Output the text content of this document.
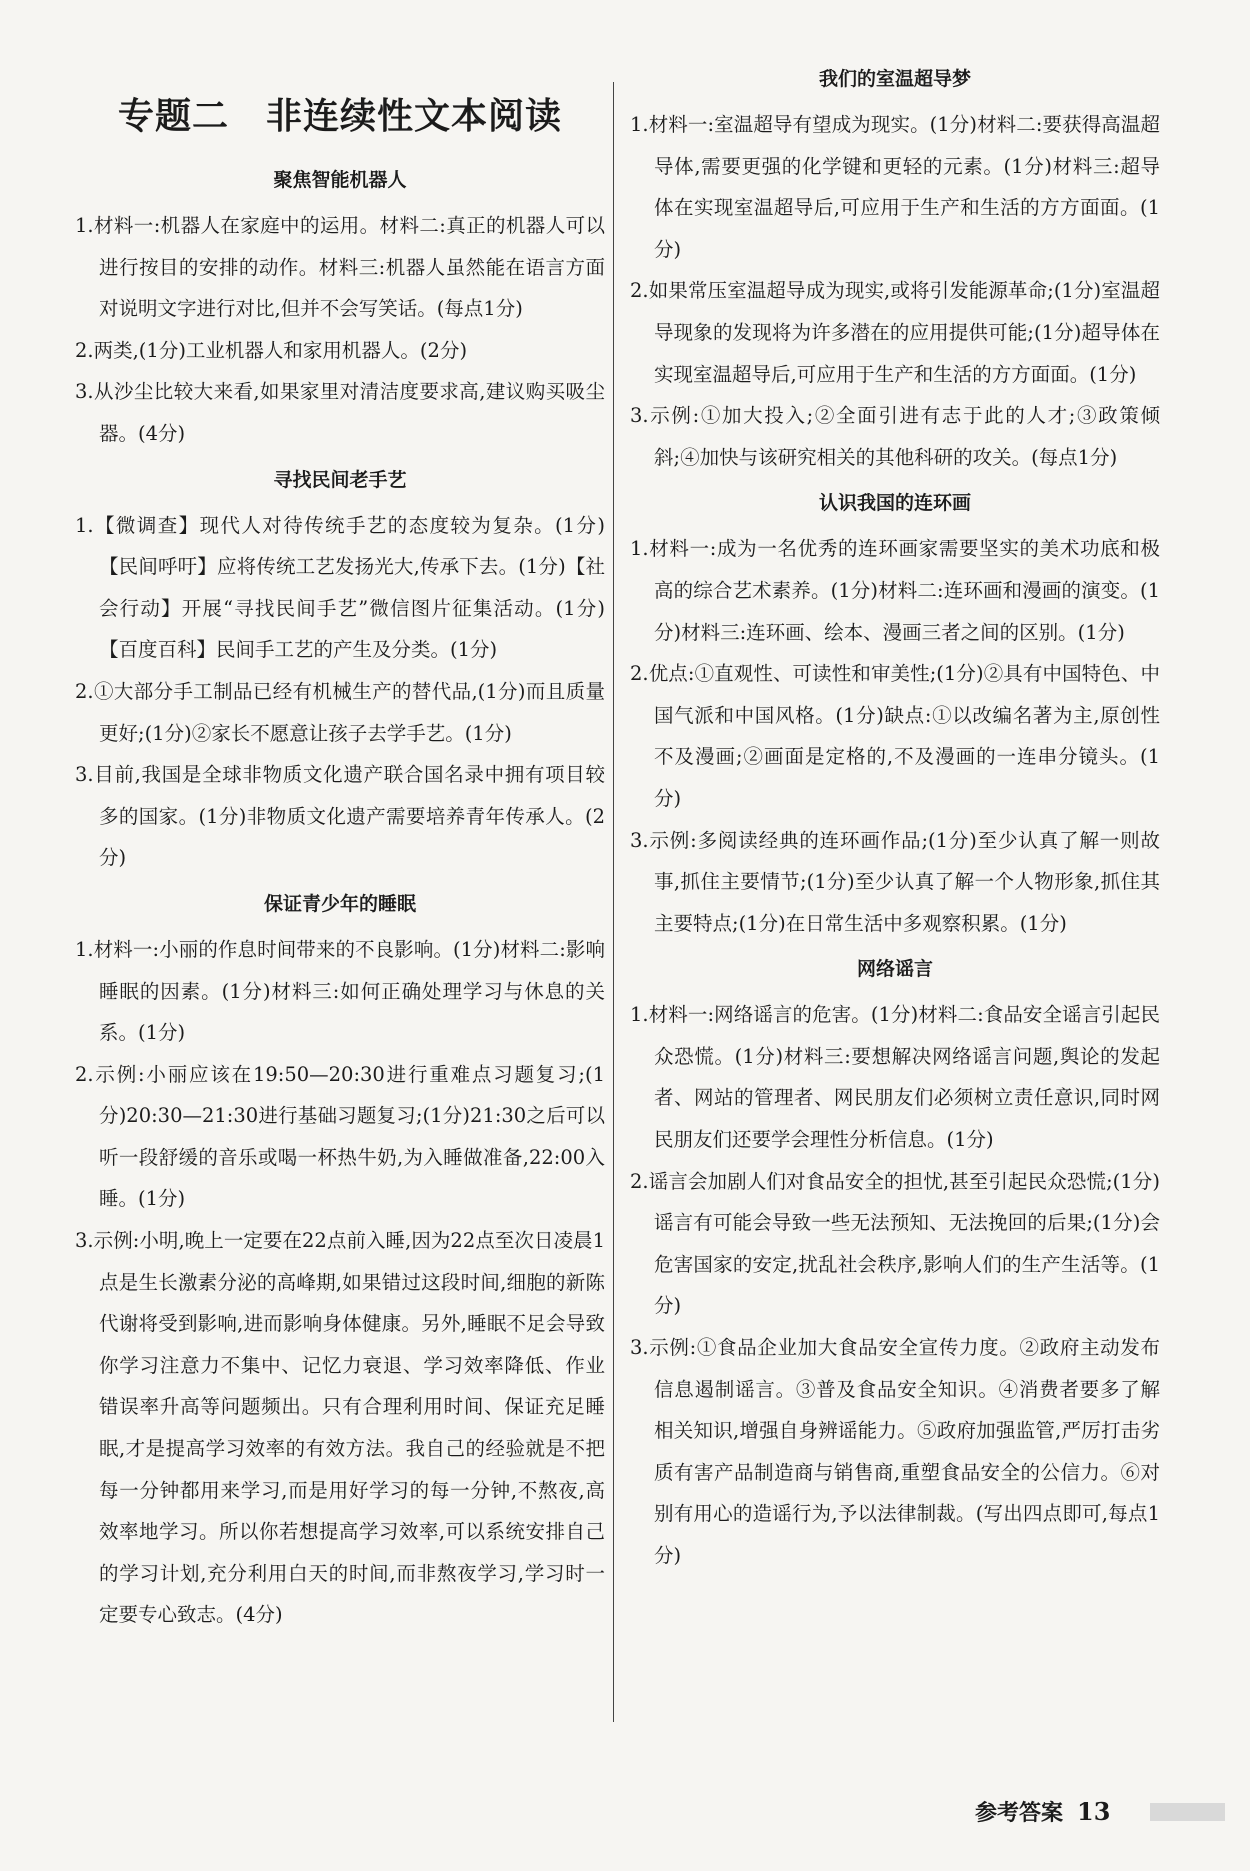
专题二　非连续性文本阅读
聚焦智能机器人

1.材料一:机器人在家庭中的运用。材料二:真正的机器人可以进行按目的安排的动作。材料三:机器人虽然能在语言方面对说明文字进行对比,但并不会写笑话。(每点1分)

2.两类,(1分)工业机器人和家用机器人。(2分)

3.从沙尘比较大来看,如果家里对清洁度要求高,建议购买吸尘器。(4分)

寻找民间老手艺

1.【微调查】现代人对待传统手艺的态度较为复杂。(1分)【民间呼吁】应将传统工艺发扬光大,传承下去。(1分)【社会行动】开展“寻找民间手艺”微信图片征集活动。(1分)【百度百科】民间手工艺的产生及分类。(1分)

2.①大部分手工制品已经有机械生产的替代品,(1分)而且质量更好;(1分)②家长不愿意让孩子去学手艺。(1分)

3.目前,我国是全球非物质文化遗产联合国名录中拥有项目较多的国家。(1分)非物质文化遗产需要培养青年传承人。(2分)

保证青少年的睡眠

1.材料一:小丽的作息时间带来的不良影响。(1分)材料二:影响睡眠的因素。(1分)材料三:如何正确处理学习与休息的关系。(1分)

2.示例:小丽应该在19:50—20:30进行重难点习题复习;(1分)20:30—21:30进行基础习题复习;(1分)21:30之后可以听一段舒缓的音乐或喝一杯热牛奶,为入睡做准备,22:00入睡。(1分)

3.示例:小明,晚上一定要在22点前入睡,因为22点至次日凌晨1点是生长激素分泌的高峰期,如果错过这段时间,细胞的新陈代谢将受到影响,进而影响身体健康。另外,睡眠不足会导致你学习注意力不集中、记忆力衰退、学习效率降低、作业错误率升高等问题频出。只有合理利用时间、保证充足睡眠,才是提高学习效率的有效方法。我自己的经验就是不把每一分钟都用来学习,而是用好学习的每一分钟,不熬夜,高效率地学习。所以你若想提高学习效率,可以系统安排自己的学习计划,充分利用白天的时间,而非熬夜学习,学习时一定要专心致志。(4分)

我们的室温超导梦

1.材料一:室温超导有望成为现实。(1分)材料二:要获得高温超导体,需要更强的化学键和更轻的元素。(1分)材料三:超导体在实现室温超导后,可应用于生产和生活的方方面面。(1分)

2.如果常压室温超导成为现实,或将引发能源革命;(1分)室温超导现象的发现将为许多潜在的应用提供可能;(1分)超导体在实现室温超导后,可应用于生产和生活的方方面面。(1分)

3.示例:①加大投入;②全面引进有志于此的人才;③政策倾斜;④加快与该研究相关的其他科研的攻关。(每点1分)

认识我国的连环画

1.材料一:成为一名优秀的连环画家需要坚实的美术功底和极高的综合艺术素养。(1分)材料二:连环画和漫画的演变。(1分)材料三:连环画、绘本、漫画三者之间的区别。(1分)

2.优点:①直观性、可读性和审美性;(1分)②具有中国特色、中国气派和中国风格。(1分)缺点:①以改编名著为主,原创性不及漫画;②画面是定格的,不及漫画的一连串分镜头。(1分)

3.示例:多阅读经典的连环画作品;(1分)至少认真了解一则故事,抓住主要情节;(1分)至少认真了解一个人物形象,抓住其主要特点;(1分)在日常生活中多观察积累。(1分)

网络谣言

1.材料一:网络谣言的危害。(1分)材料二:食品安全谣言引起民众恐慌。(1分)材料三:要想解决网络谣言问题,舆论的发起者、网站的管理者、网民朋友们必须树立责任意识,同时网民朋友们还要学会理性分析信息。(1分)

2.谣言会加剧人们对食品安全的担忧,甚至引起民众恐慌;(1分)谣言有可能会导致一些无法预知、无法挽回的后果;(1分)会危害国家的安定,扰乱社会秩序,影响人们的生产生活等。(1分)

3.示例:①食品企业加大食品安全宣传力度。②政府主动发布信息遏制谣言。③普及食品安全知识。④消费者要多了解相关知识,增强自身辨谣能力。⑤政府加强监管,严厉打击劣质有害产品制造商与销售商,重塑食品安全的公信力。⑥对别有用心的造谣行为,予以法律制裁。(写出四点即可,每点1分)

参考答案 13
